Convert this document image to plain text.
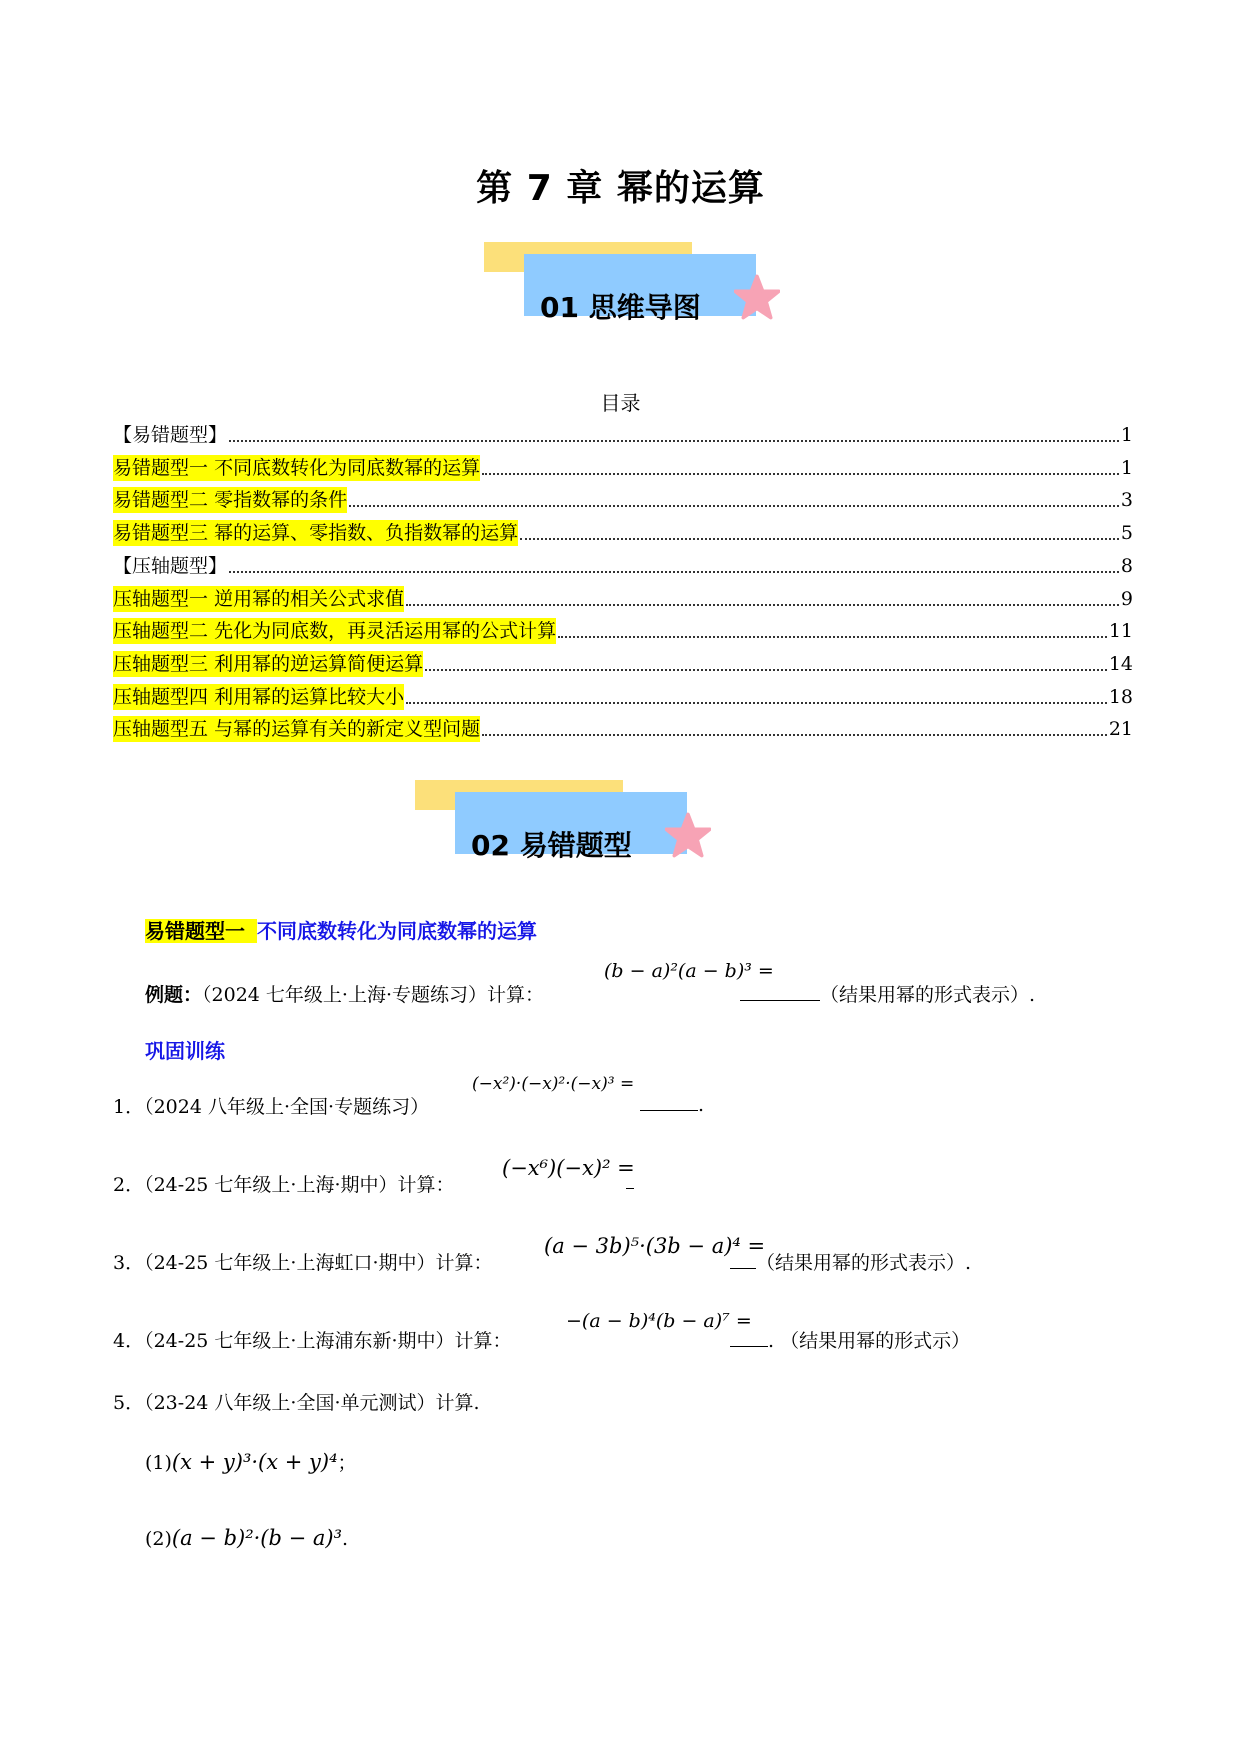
第 7 章 幂的运算
01 思维导图
目录
【易错题型】	1
易错题型一 不同底数转化为同底数幂的运算	1
易错题型二 零指数幂的条件	3
易错题型三 幂的运算、零指数、负指数幂的运算	5
【压轴题型】	8
压轴题型一 逆用幂的相关公式求值	9
压轴题型二 先化为同底数，再灵活运用幂的公式计算	11
压轴题型三 利用幂的逆运算简便运算	14
压轴题型四 利用幂的运算比较大小	18
压轴题型五 与幂的运算有关的新定义型问题	21
02 易错题型
易错题型一 不同底数转化为同底数幂的运算
例题：（2024 七年级上·上海·专题练习）计算：
(b − a)²(a − b)³ =
（结果用幂的形式表示）.
巩固训练
1．（2024 八年级上·全国·专题练习）
(−x²)·(−x)²·(−x)³ =
.
2．（24-25 七年级上·上海·期中）计算：
(−x⁶)(−x)² =
3．（24-25 七年级上·上海虹口·期中）计算：
(a − 3b)⁵·(3b − a)⁴ =
（结果用幂的形式表示）.
4．（24-25 七年级上·上海浦东新·期中）计算：
−(a − b)⁴(b − a)⁷ =
. （结果用幂的形式示）
5．（23-24 八年级上·全国·单元测试）计算.
(1)(x + y)³·(x + y)⁴；
(2)(a − b)²·(b − a)³.
